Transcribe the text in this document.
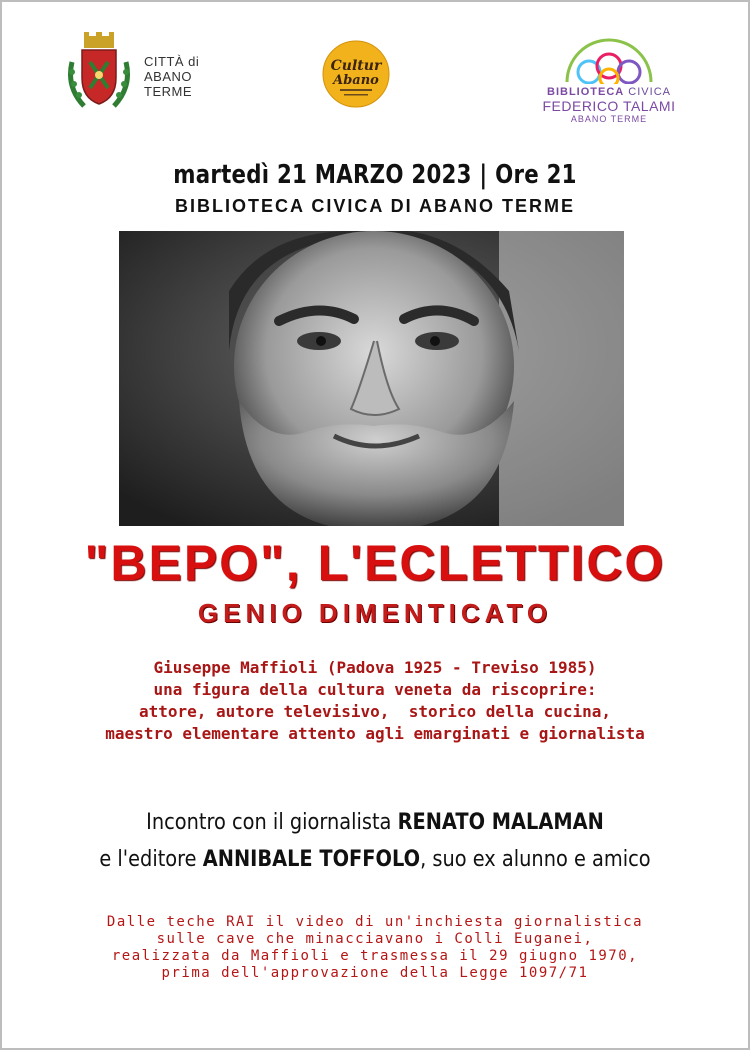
CITTÀ di
ABANO
TERME
Cultur
Abano
BIBLIOTECA CIVICA
FEDERICO TALAMI
ABANO TERME
martedì 21 MARZO 2023 | Ore 21
BIBLIOTECA CIVICA DI ABANO TERME
"BEPO", L'ECLETTICO
GENIO DIMENTICATO
Giuseppe Maffioli (Padova 1925 - Treviso 1985)
una figura della cultura veneta da riscoprire:
attore, autore televisivo,  storico della cucina,
maestro elementare attento agli emarginati e giornalista
Incontro con il giornalista RENATO MALAMAN
e l'editore ANNIBALE TOFFOLO, suo ex alunno e amico
Dalle teche RAI il video di un'inchiesta giornalistica
sulle cave che minacciavano i Colli Euganei,
realizzata da Maffioli e trasmessa il 29 giugno 1970,
prima dell'approvazione della Legge 1097/71
